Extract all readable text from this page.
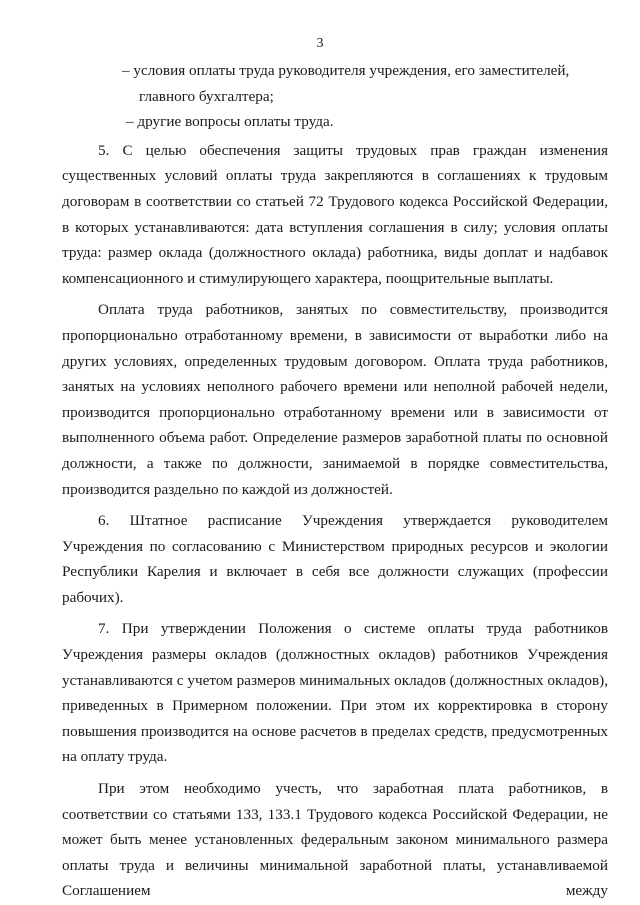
3

– условия оплаты труда руководителя учреждения, его заместителей,

главного бухгалтера;

– другие вопросы оплаты труда.

5. С целью обеспечения защиты трудовых прав граждан изменения существенных условий оплаты труда закрепляются в соглашениях к трудовым договорам в соответствии со статьей 72 Трудового кодекса Российской Федерации, в которых устанавливаются: дата вступления соглашения в силу; условия оплаты труда: размер оклада (должностного оклада) работника, виды доплат и надбавок компенсационного и стимулирующего характера, поощрительные выплаты.

Оплата труда работников, занятых по совместительству, производится пропорционально отработанному времени, в зависимости от выработки либо на других условиях, определенных трудовым договором. Оплата труда работников, занятых на условиях неполного рабочего времени или неполной рабочей недели, производится пропорционально отработанному времени или в зависимости от выполненного объема работ. Определение размеров заработной платы по основной должности, а также по должности, занимаемой в порядке совместительства, производится раздельно по каждой из должностей.

6. Штатное расписание Учреждения утверждается руководителем Учреждения по согласованию с Министерством природных ресурсов и экологии Республики Карелия и включает в себя все должности служащих (профессии рабочих).

7. При утверждении Положения о системе оплаты труда работников Учреждения размеры окладов (должностных окладов) работников Учреждения устанавливаются с учетом размеров минимальных окладов (должностных окладов), приведенных в Примерном положении. При этом их корректировка в сторону повышения производится на основе расчетов в пределах средств, предусмотренных на оплату труда.

При этом необходимо учесть, что заработная плата работников, в соответствии со статьями 133, 133.1 Трудового кодекса Российской Федерации, не может быть менее установленных федеральным законом минимального размера оплаты труда и величины минимальной заработной платы, устанавливаемой Соглашением между
